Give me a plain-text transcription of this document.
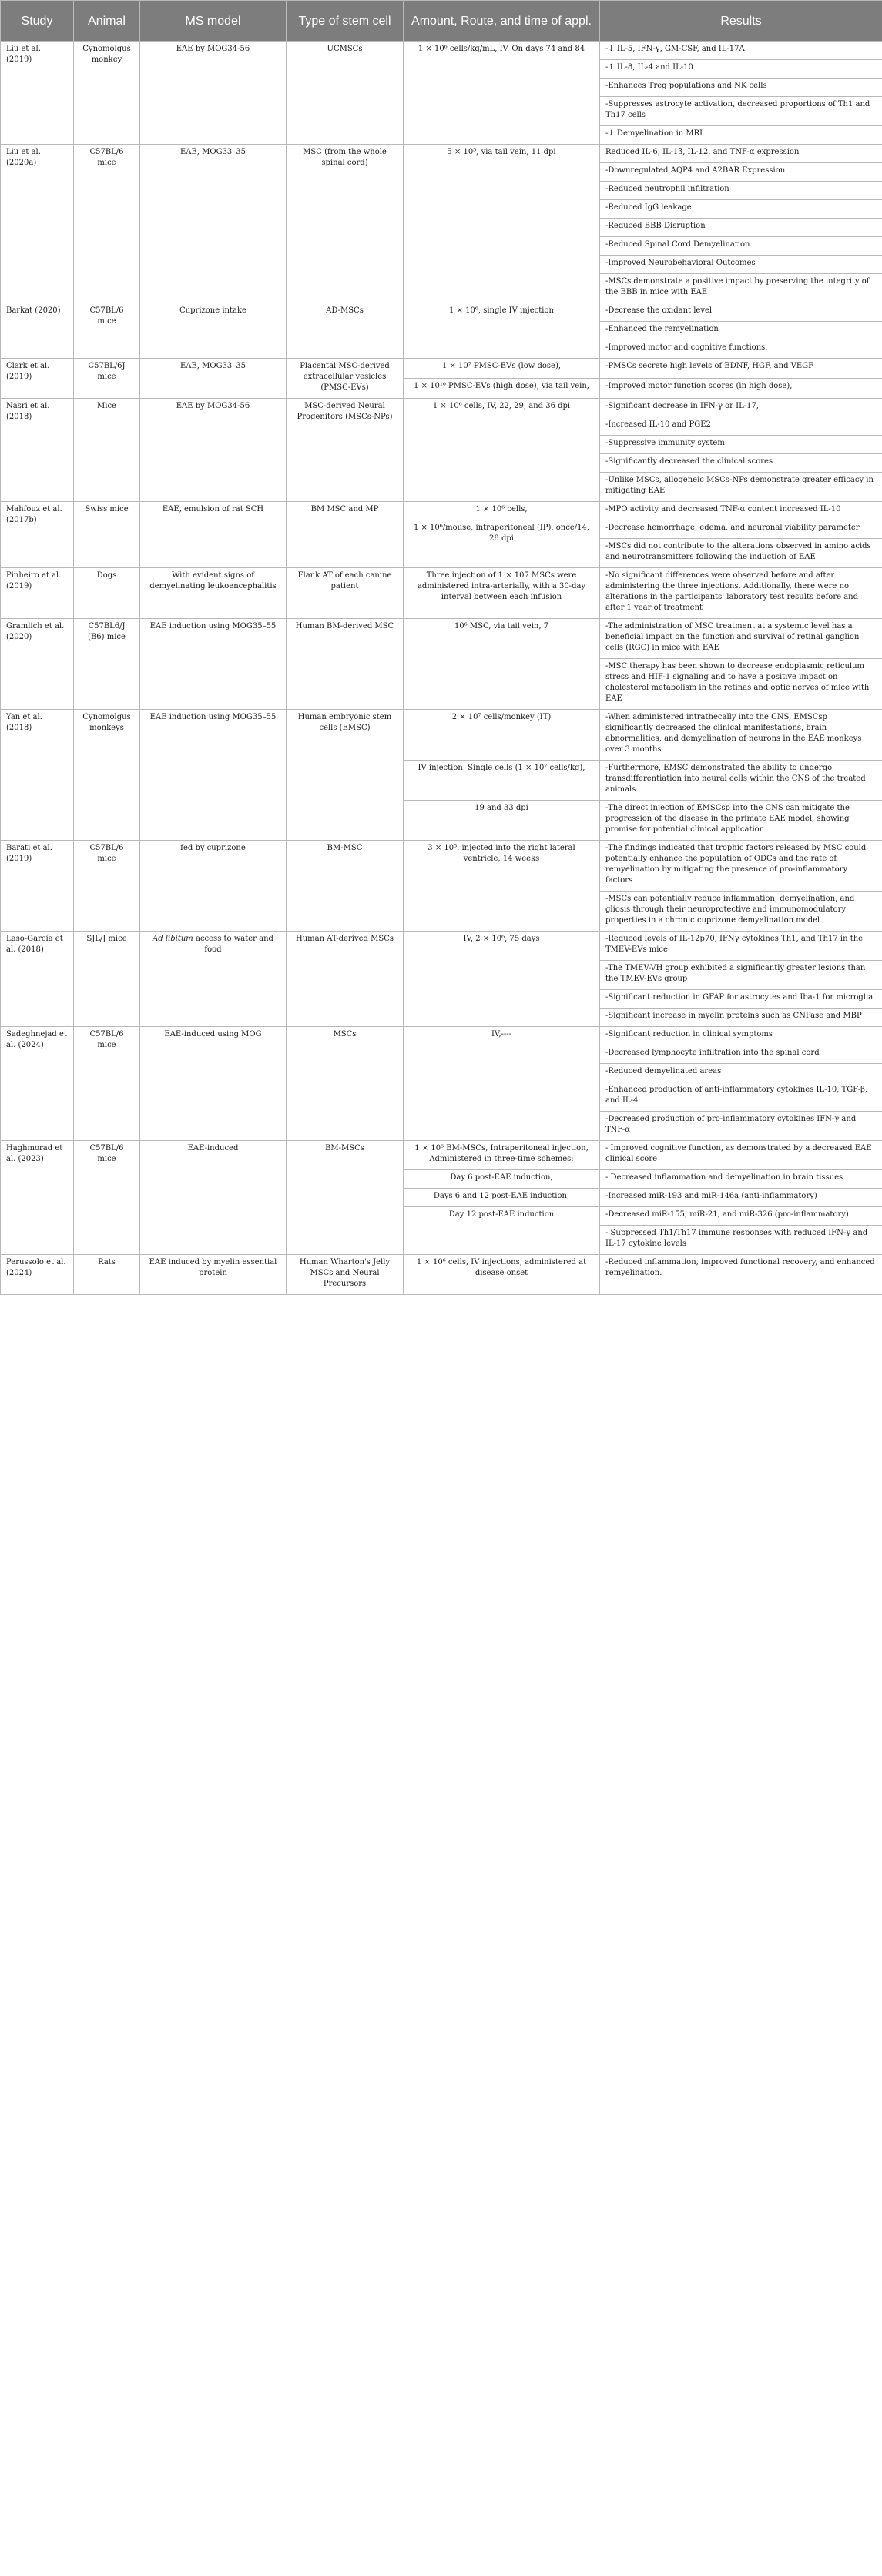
Study	Animal	MS model	Type of stem cell	Amount, Route, and time of appl.	Results
Liu et al. (2019)	Cynomolgus monkey	EAE by MOG34-56	UCMSCs	1 × 10⁶ cells/kg/mL, IV, On days 74 and 84	-↓ IL-5, IFN-γ, GM-CSF, and IL-17A
					-↑ IL-8, IL-4 and IL-10
					-Enhances Treg populations and NK cells
					-Suppresses astrocyte activation, decreased proportions of Th1 and Th17 cells
					-↓ Demyelination in MRI
Liu et al. (2020a)	C57BL/6 mice	EAE, MOG33–35	MSC (from the whole spinal cord)	5 × 10⁵, via tail vein, 11 dpi	Reduced IL-6, IL-1β, IL-12, and TNF-α expression
					-Downregulated AQP4 and A2BAR Expression
					-Reduced neutrophil infiltration
					-Reduced IgG leakage
					-Reduced BBB Disruption
					-Reduced Spinal Cord Demyelination
					-Improved Neurobehavioral Outcomes
					-MSCs demonstrate a positive impact by preserving the integrity of the BBB in mice with EAE
Barkat (2020)	C57BL/6 mice	Cuprizone intake	AD-MSCs	1 × 10⁶, single IV injection	-Decrease the oxidant level
					-Enhanced the remyelination
					-Improved motor and cognitive functions,
Clark et al. (2019)	C57BL/6J mice	EAE, MOG33–35	Placental MSC-derived extracellular vesicles (PMSC-EVs)	1 × 10⁷ PMSC-EVs (low dose),	-PMSCs secrete high levels of BDNF, HGF, and VEGF
				1 × 10¹⁰ PMSC-EVs (high dose), via tail vein,	-Improved motor function scores (in high dose),
Nasri et al. (2018)	Mice	EAE by MOG34-56	MSC-derived Neural Progenitors (MSCs-NPs)	1 × 10⁶ cells, IV, 22, 29, and 36 dpi	-Significant decrease in IFN-γ or IL-17,
					-Increased IL-10 and PGE2
					-Suppressive immunity system
					-Significantly decreased the clinical scores
					-Unlike MSCs, allogeneic MSCs-NPs demonstrate greater efficacy in mitigating EAE
Mahfouz et al. (2017b)	Swiss mice	EAE, emulsion of rat SCH	BM MSC and MP	1 × 10⁶ cells,	-MPO activity and decreased TNF-α content increased IL-10
				1 × 10⁶/mouse, intraperitoneal (IP), once/14, 28 dpi	-Decrease hemorrhage, edema, and neuronal viability parameter
					-MSCs did not contribute to the alterations observed in amino acids and neurotransmitters following the induction of EAE
Pinheiro et al. (2019)	Dogs	With evident signs of demyelinating leukoencephalitis	Flank AT of each canine patient	Three injection of 1 × 107 MSCs were administered intra-arterially, with a 30-day interval between each infusion	-No significant differences were observed before and after administering the three injections. Additionally, there were no alterations in the participants' laboratory test results before and after 1 year of treatment
Gramlich et al. (2020)	C57BL6/J (B6) mice	EAE induction using MOG35–55	Human BM-derived MSC	10⁶ MSC, via tail vein, 7	-The administration of MSC treatment at a systemic level has a beneficial impact on the function and survival of retinal ganglion cells (RGC) in mice with EAE
					-MSC therapy has been shown to decrease endoplasmic reticulum stress and HIF-1 signaling and to have a positive impact on cholesterol metabolism in the retinas and optic nerves of mice with EAE
Yan et al. (2018)	Cynomolgus monkeys	EAE induction using MOG35–55	Human embryonic stem cells (EMSC)	2 × 10⁷ cells/monkey (IT)	-When administered intrathecally into the CNS, EMSCsp significantly decreased the clinical manifestations, brain abnormalities, and demyelination of neurons in the EAE monkeys over 3 months
				IV injection. Single cells (1 × 10⁷ cells/kg),	-Furthermore, EMSC demonstrated the ability to undergo transdifferentiation into neural cells within the CNS of the treated animals
				19 and 33 dpi	-The direct injection of EMSCsp into the CNS can mitigate the progression of the disease in the primate EAE model, showing promise for potential clinical application
Barati et al. (2019)	C57BL/6 mice	fed by cuprizone	BM-MSC	3 × 10⁵, injected into the right lateral ventricle, 14 weeks	-The findings indicated that trophic factors released by MSC could potentially enhance the population of ODCs and the rate of remyelination by mitigating the presence of pro-inflammatory factors
					-MSCs can potentially reduce inflammation, demyelination, and gliosis through their neuroprotective and immunomodulatory properties in a chronic cuprizone demyelination model
Laso-García et al. (2018)	SJL/J mice	Ad libitum access to water and food	Human AT-derived MSCs	IV, 2 × 10⁶, 75 days	-Reduced levels of IL-12p70, IFNγ cytokines Th1, and Th17 in the TMEV-EVs mice
					-The TMEV-VH group exhibited a significantly greater lesions than the TMEV-EVs group
					-Significant reduction in GFAP for astrocytes and Iba-1 for microglia
					-Significant increase in myelin proteins such as CNPase and MBP
Sadeghnejad et al. (2024)	C57BL/6 mice	EAE-induced using MOG	MSCs	IV,----	-Significant reduction in clinical symptoms
					-Decreased lymphocyte infiltration into the spinal cord
					-Reduced demyelinated areas
					-Enhanced production of anti-inflammatory cytokines IL-10, TGF-β, and IL-4
					-Decreased production of pro-inflammatory cytokines IFN-γ and TNF-α
Haghmorad et al. (2023)	C57BL/6 mice	EAE-induced	BM-MSCs	1 × 10⁶ BM-MSCs, Intraperitoneal injection, Administered in three-time schemes:	- Improved cognitive function, as demonstrated by a decreased EAE clinical score
				Day 6 post-EAE induction,	- Decreased inflammation and demyelination in brain tissues
				Days 6 and 12 post-EAE induction,	-Increased miR-193 and miR-146a (anti-inflammatory)
				Day 12 post-EAE induction	-Decreased miR-155, miR-21, and miR-326 (pro-inflammatory)
					- Suppressed Th1/Th17 immune responses with reduced IFN-γ and IL-17 cytokine levels
Perussolo et al. (2024)	Rats	EAE induced by myelin essential protein	Human Wharton's Jelly MSCs and Neural Precursors	1 × 10⁶ cells, IV injections, administered at disease onset	-Reduced inflammation, improved functional recovery, and enhanced remyelination.
